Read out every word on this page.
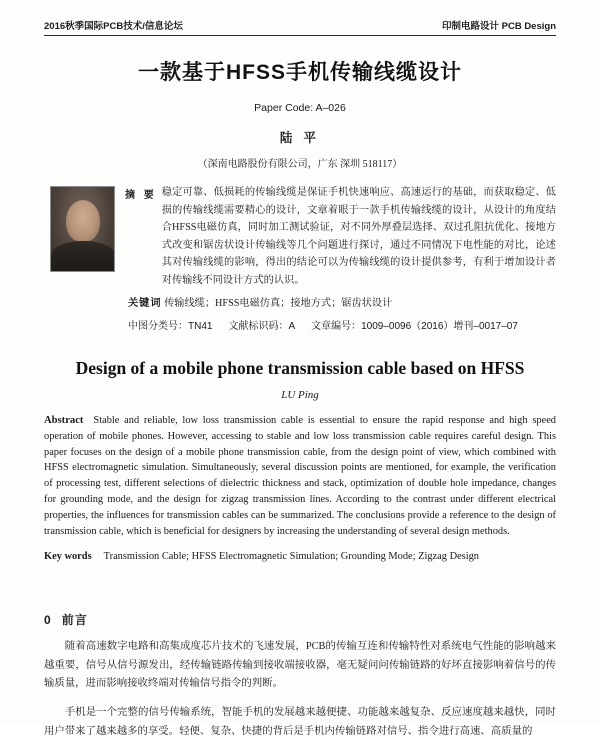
2016秋季国际PCB技术/信息论坛	印制电路设计 PCB Design
一款基于HFSS手机传输线缆设计
Paper Code: A–026
陆 平
（深南电路股份有限公司，广东 深圳 518117）
摘 要 稳定可靠、低损耗的传输线缆是保证手机快速响应、高速运行的基础，而获取稳定、低损的传输线缆需要精心的设计，文章着眼于一款手机传输线缆的设计，从设计的角度结合HFSS电磁仿真，同时加工测试验证，对不同外厚叠层选择、双过孔阻抗优化、接地方式改变和锯齿状设计传输线等几个问题进行探讨，通过不同情况下电性能的对比，论述其对传输线缆的影响，得出的结论可以为传输线缆的设计提供参考，有利于增加设计者对传输线不同设计方式的认识。
关键词 传输线缆；HFSS电磁仿真；接地方式；锯齿状设计
中图分类号：TN41 文献标识码：A 文章编号：1009–0096（2016）增刊–0017–07
Design of a mobile phone transmission cable based on HFSS
LU Ping
Abstract Stable and reliable, low loss transmission cable is essential to ensure the rapid response and high speed operation of mobile phones. However, accessing to stable and low loss transmission cable requires careful design. This paper focuses on the design of a mobile phone transmission cable, from the design point of view, which combined with HFSS electromagnetic simulation. Simultaneously, several discussion points are mentioned, for example, the verification of processing test, different selections of dielectric thickness and stack, optimization of double hole impedance, changes for grounding mode, and the design for zigzag transmission lines. According to the contrast under different electrical properties, the influences for transmission cables can be summarized. The conclusions provide a reference to the design of transmission cable, which is beneficial for designers by increasing the understanding of several design methods.
Key words Transmission Cable; HFSS Electromagnetic Simulation; Grounding Mode; Zigzag Design
0 前言

随着高速数字电路和高集成度芯片技术的飞速发展，PCB的传输互连和传输特性对系统电气性能的影响越来越重要，信号从信号源发出，经传输链路传输到接收端接收器，毫无疑问问传输链路的好坏直接影响着信号的传输质量，进而影响接收终端对传输信号指令的判断。

手机是一个完整的信号传输系统，智能手机的发展越来越便捷、功能越来越复杂、反应速度越来越快，同时用户带来了越来越多的享受。轻便、复杂、快捷的背后是手机内传输链路对信号、指令进行高速、高质量的
